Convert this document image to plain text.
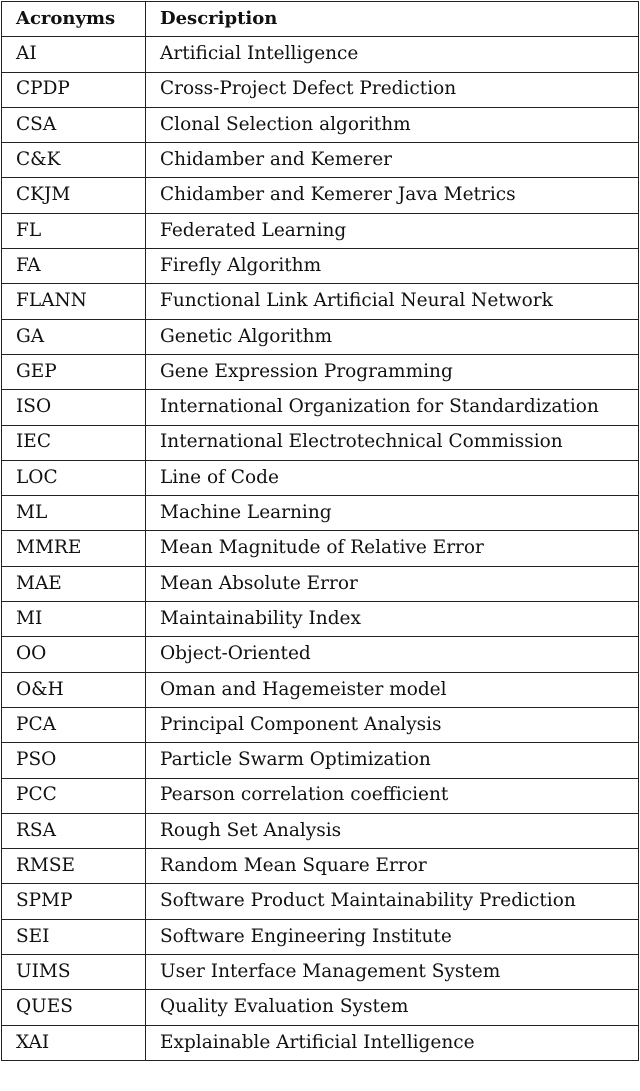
Acronyms	Description
AI	Artificial Intelligence
CPDP	Cross-Project Defect Prediction
CSA	Clonal Selection algorithm
C&K	Chidamber and Kemerer
CKJM	Chidamber and Kemerer Java Metrics
FL	Federated Learning
FA	Firefly Algorithm
FLANN	Functional Link Artificial Neural Network
GA	Genetic Algorithm
GEP	Gene Expression Programming
ISO	International Organization for Standardization
IEC	International Electrotechnical Commission
LOC	Line of Code
ML	Machine Learning
MMRE	Mean Magnitude of Relative Error
MAE	Mean Absolute Error
MI	Maintainability Index
OO	Object-Oriented
O&H	Oman and Hagemeister model
PCA	Principal Component Analysis
PSO	Particle Swarm Optimization
PCC	Pearson correlation coefficient
RSA	Rough Set Analysis
RMSE	Random Mean Square Error
SPMP	Software Product Maintainability Prediction
SEI	Software Engineering Institute
UIMS	User Interface Management System
QUES	Quality Evaluation System
XAI	Explainable Artificial Intelligence
